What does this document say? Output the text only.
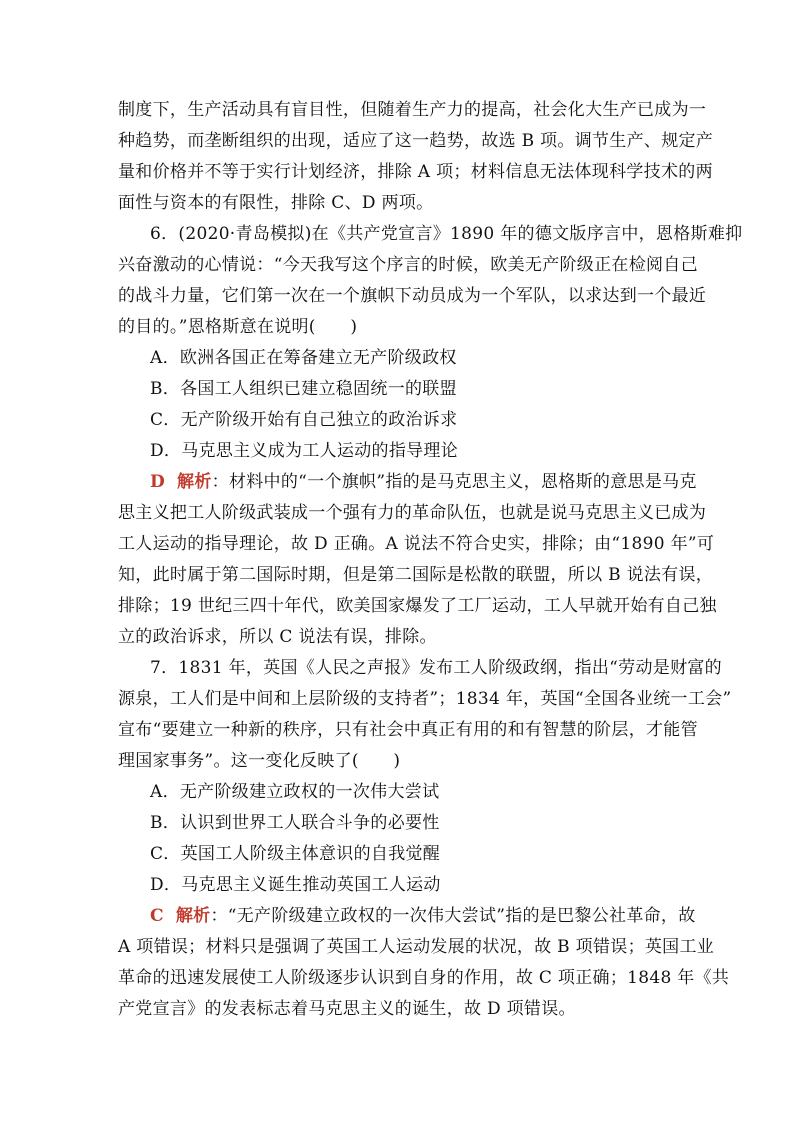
制度下，生产活动具有盲目性，但随着生产力的提高，社会化大生产已成为一
种趋势，而垄断组织的出现，适应了这一趋势，故选 B 项。调节生产、规定产
量和价格并不等于实行计划经济，排除 A 项；材料信息无法体现科学技术的两
面性与资本的有限性，排除 C、D 两项。
6．(2020·青岛模拟)在《共产党宣言》1890 年的德文版序言中，恩格斯难抑
兴奋激动的心情说：“今天我写这个序言的时候，欧美无产阶级正在检阅自己
的战斗力量，它们第一次在一个旗帜下动员成为一个军队，以求达到一个最近
的目的。”恩格斯意在说明(　　)
A．欧洲各国正在筹备建立无产阶级政权
B．各国工人组织已建立稳固统一的联盟
C．无产阶级开始有自己独立的政治诉求
D．马克思主义成为工人运动的指导理论
D 解析：材料中的“一个旗帜”指的是马克思主义，恩格斯的意思是马克
思主义把工人阶级武装成一个强有力的革命队伍，也就是说马克思主义已成为
工人运动的指导理论，故 D 正确。A 说法不符合史实，排除；由“1890 年”可
知，此时属于第二国际时期，但是第二国际是松散的联盟，所以 B 说法有误，
排除；19 世纪三四十年代，欧美国家爆发了工厂运动，工人早就开始有自己独
立的政治诉求，所以 C 说法有误，排除。
7．1831 年，英国《人民之声报》发布工人阶级政纲，指出“劳动是财富的
源泉，工人们是中间和上层阶级的支持者”；1834 年，英国“全国各业统一工会”
宣布“要建立一种新的秩序，只有社会中真正有用的和有智慧的阶层，才能管
理国家事务”。这一变化反映了(　　)
A．无产阶级建立政权的一次伟大尝试
B．认识到世界工人联合斗争的必要性
C．英国工人阶级主体意识的自我觉醒
D．马克思主义诞生推动英国工人运动
C 解析：“无产阶级建立政权的一次伟大尝试”指的是巴黎公社革命，故
A 项错误；材料只是强调了英国工人运动发展的状况，故 B 项错误；英国工业
革命的迅速发展使工人阶级逐步认识到自身的作用，故 C 项正确；1848 年《共
产党宣言》的发表标志着马克思主义的诞生，故 D 项错误。
